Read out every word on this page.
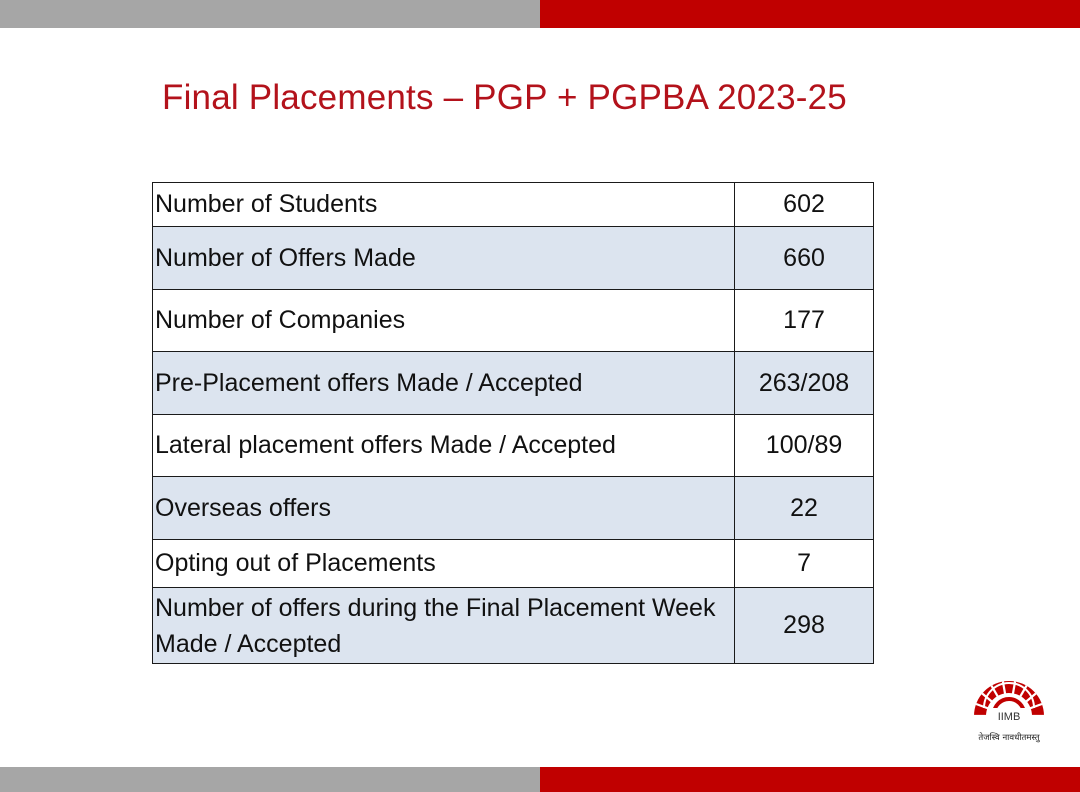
Final Placements – PGP + PGPBA 2023-25
Number of Students	602
Number of Offers Made	660
Number of Companies	177
Pre-Placement offers Made / Accepted	263/208
Lateral placement offers Made / Accepted	100/89
Overseas offers	22
Opting out of Placements	7
Number of offers during the Final Placement Week Made / Accepted	298
IIMB
तेजस्वि नावधीतमस्तु
